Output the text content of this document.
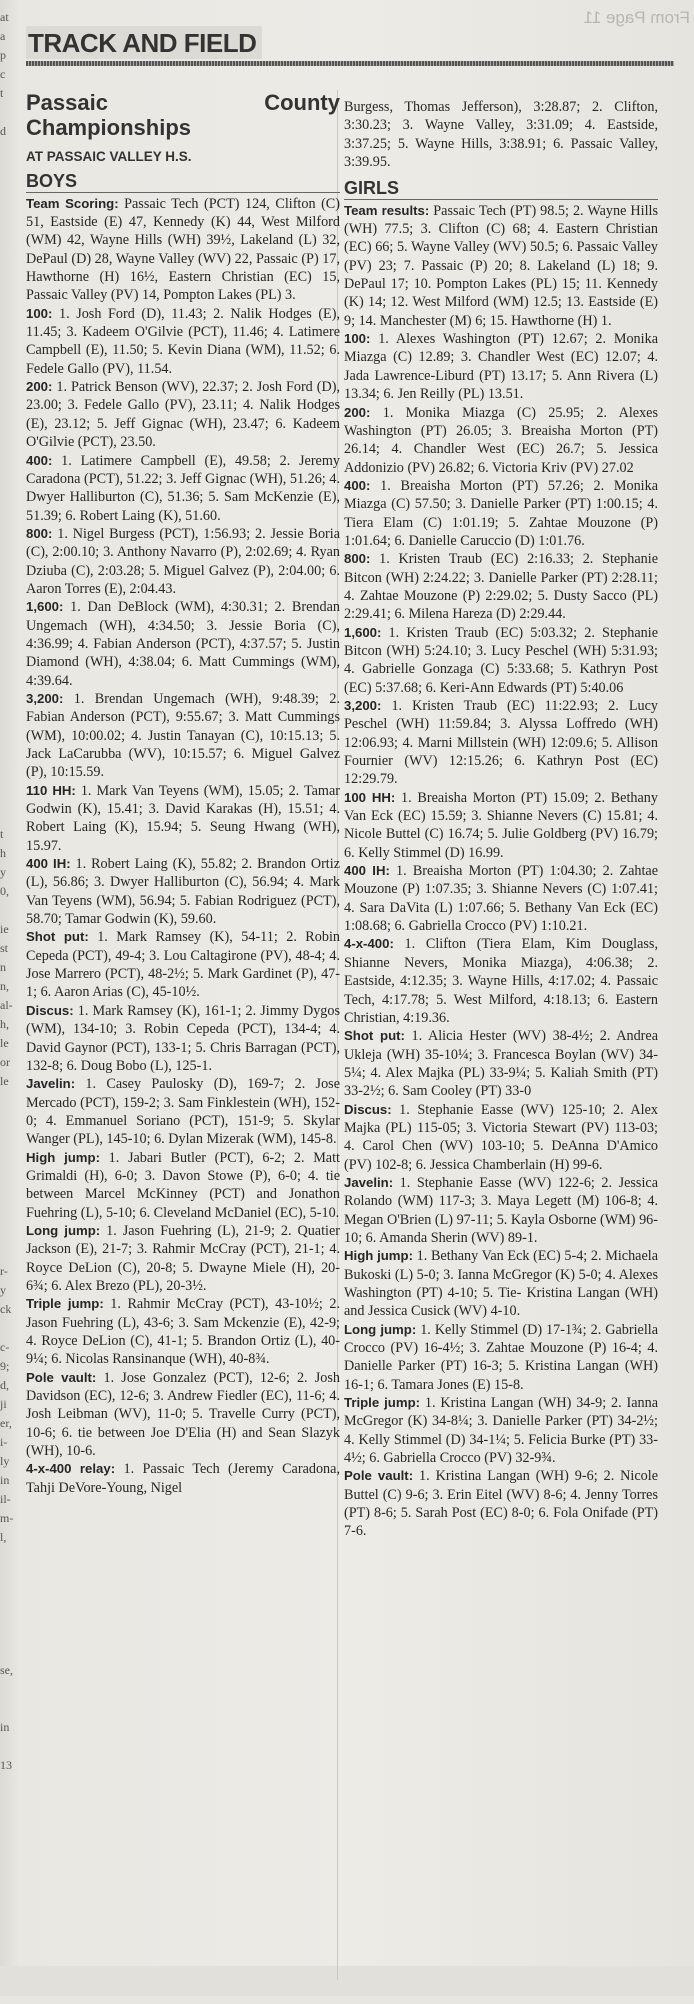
at
a
p
c
t

d

t
h
y
0,

ie
st
n
n,
al-
h,
le
or
le

r-
y
ck

c-
9;
d,
ji
er,
i-
ly
in
il-
m-
l,

se,

in

13
From Page 11
TRACK AND FIELD
Passaic County Championships
AT PASSAIC VALLEY H.S.
BOYS

Team Scoring: Passaic Tech (PCT) 124, Clifton (C) 51, Eastside (E) 47, Kennedy (K) 44, West Milford (WM) 42, Wayne Hills (WH) 39½, Lakeland (L) 32, DePaul (D) 28, Wayne Valley (WV) 22, Passaic (P) 17, Hawthorne (H) 16½, Eastern Christian (EC) 15, Passaic Valley (PV) 14, Pompton Lakes (PL) 3.

100: 1. Josh Ford (D), 11.43; 2. Nalik Hodges (E), 11.45; 3. Kadeem O'Gilvie (PCT), 11.46; 4. Latimere Campbell (E), 11.50; 5. Kevin Diana (WM), 11.52; 6. Fedele Gallo (PV), 11.54.

200: 1. Patrick Benson (WV), 22.37; 2. Josh Ford (D), 23.00; 3. Fedele Gallo (PV), 23.11; 4. Nalik Hodges (E), 23.12; 5. Jeff Gignac (WH), 23.47; 6. Kadeem O'Gilvie (PCT), 23.50.

400: 1. Latimere Campbell (E), 49.58; 2. Jeremy Caradona (PCT), 51.22; 3. Jeff Gignac (WH), 51.26; 4. Dwyer Halliburton (C), 51.36; 5. Sam McKenzie (E), 51.39; 6. Robert Laing (K), 51.60.

800: 1. Nigel Burgess (PCT), 1:56.93; 2. Jessie Boria (C), 2:00.10; 3. Anthony Navarro (P), 2:02.69; 4. Ryan Dziuba (C), 2:03.28; 5. Miguel Galvez (P), 2:04.00; 6. Aaron Torres (E), 2:04.43.

1,600: 1. Dan DeBlock (WM), 4:30.31; 2. Brendan Ungemach (WH), 4:34.50; 3. Jessie Boria (C), 4:36.99; 4. Fabian Anderson (PCT), 4:37.57; 5. Justin Diamond (WH), 4:38.04; 6. Matt Cummings (WM), 4:39.64.

3,200: 1. Brendan Ungemach (WH), 9:48.39; 2. Fabian Anderson (PCT), 9:55.67; 3. Matt Cummings (WM), 10:00.02; 4. Justin Tanayan (C), 10:15.13; 5. Jack LaCarubba (WV), 10:15.57; 6. Miguel Galvez (P), 10:15.59.

110 HH: 1. Mark Van Teyens (WM), 15.05; 2. Tamar Godwin (K), 15.41; 3. David Karakas (H), 15.51; 4. Robert Laing (K), 15.94; 5. Seung Hwang (WH), 15.97.

400 IH: 1. Robert Laing (K), 55.82; 2. Brandon Ortiz (L), 56.86; 3. Dwyer Halliburton (C), 56.94; 4. Mark Van Teyens (WM), 56.94; 5. Fabian Rodriguez (PCT), 58.70; Tamar Godwin (K), 59.60.

Shot put: 1. Mark Ramsey (K), 54-11; 2. Robin Cepeda (PCT), 49-4; 3. Lou Caltagirone (PV), 48-4; 4. Jose Marrero (PCT), 48-2½; 5. Mark Gardinet (P), 47-1; 6. Aaron Arias (C), 45-10½.

Discus: 1. Mark Ramsey (K), 161-1; 2. Jimmy Dygos (WM), 134-10; 3. Robin Cepeda (PCT), 134-4; 4. David Gaynor (PCT), 133-1; 5. Chris Barragan (PCT), 132-8; 6. Doug Bobo (L), 125-1.

Javelin: 1. Casey Paulosky (D), 169-7; 2. Jose Mercado (PCT), 159-2; 3. Sam Finklestein (WH), 152-0; 4. Emmanuel Soriano (PCT), 151-9; 5. Skylar Wanger (PL), 145-10; 6. Dylan Mizerak (WM), 145-8.

High jump: 1. Jabari Butler (PCT), 6-2; 2. Matt Grimaldi (H), 6-0; 3. Davon Stowe (P), 6-0; 4. tie between Marcel McKinney (PCT) and Jonathon Fuehring (L), 5-10; 6. Cleveland McDaniel (EC), 5-10.

Long jump: 1. Jason Fuehring (L), 21-9; 2. Quatier Jackson (E), 21-7; 3. Rahmir McCray (PCT), 21-1; 4. Royce DeLion (C), 20-8; 5. Dwayne Miele (H), 20-6¾; 6. Alex Brezo (PL), 20-3½.

Triple jump: 1. Rahmir McCray (PCT), 43-10½; 2. Jason Fuehring (L), 43-6; 3. Sam Mckenzie (E), 42-9; 4. Royce DeLion (C), 41-1; 5. Brandon Ortiz (L), 40-9¼; 6. Nicolas Ransinanque (WH), 40-8¾.

Pole vault: 1. Jose Gonzalez (PCT), 12-6; 2. Josh Davidson (EC), 12-6; 3. Andrew Fiedler (EC), 11-6; 4. Josh Leibman (WV), 11-0; 5. Travelle Curry (PCT), 10-6; 6. tie between Joe D'Elia (H) and Sean Slazyk (WH), 10-6.

4-x-400 relay: 1. Passaic Tech (Jeremy Caradona, Tahji DeVore-Young, Nigel

Burgess, Thomas Jefferson), 3:28.87; 2. Clifton, 3:30.23; 3. Wayne Valley, 3:31.09; 4. Eastside, 3:37.25; 5. Wayne Hills, 3:38.91; 6. Passaic Valley, 3:39.95.

GIRLS

Team results: Passaic Tech (PT) 98.5; 2. Wayne Hills (WH) 77.5; 3. Clifton (C) 68; 4. Eastern Christian (EC) 66; 5. Wayne Valley (WV) 50.5; 6. Passaic Valley (PV) 23; 7. Passaic (P) 20; 8. Lakeland (L) 18; 9. DePaul 17; 10. Pompton Lakes (PL) 15; 11. Kennedy (K) 14; 12. West Milford (WM) 12.5; 13. Eastside (E) 9; 14. Manchester (M) 6; 15. Hawthorne (H) 1.

100: 1. Alexes Washington (PT) 12.67; 2. Monika Miazga (C) 12.89; 3. Chandler West (EC) 12.07; 4. Jada Lawrence-Liburd (PT) 13.17; 5. Ann Rivera (L) 13.34; 6. Jen Reilly (PL) 13.51.

200: 1. Monika Miazga (C) 25.95; 2. Alexes Washington (PT) 26.05; 3. Breaisha Morton (PT) 26.14; 4. Chandler West (EC) 26.7; 5. Jessica Addonizio (PV) 26.82; 6. Victoria Kriv (PV) 27.02

400: 1. Breaisha Morton (PT) 57.26; 2. Monika Miazga (C) 57.50; 3. Danielle Parker (PT) 1:00.15; 4. Tiera Elam (C) 1:01.19; 5. Zahtae Mouzone (P) 1:01.64; 6. Danielle Caruccio (D) 1:01.76.

800: 1. Kristen Traub (EC) 2:16.33; 2. Stephanie Bitcon (WH) 2:24.22; 3. Danielle Parker (PT) 2:28.11; 4. Zahtae Mouzone (P) 2:29.02; 5. Dusty Sacco (PL) 2:29.41; 6. Milena Hareza (D) 2:29.44.

1,600: 1. Kristen Traub (EC) 5:03.32; 2. Stephanie Bitcon (WH) 5:24.10; 3. Lucy Peschel (WH) 5:31.93; 4. Gabrielle Gonzaga (C) 5:33.68; 5. Kathryn Post (EC) 5:37.68; 6. Keri-Ann Edwards (PT) 5:40.06

3,200: 1. Kristen Traub (EC) 11:22.93; 2. Lucy Peschel (WH) 11:59.84; 3. Alyssa Loffredo (WH) 12:06.93; 4. Marni Millstein (WH) 12:09.6; 5. Allison Fournier (WV) 12:15.26; 6. Kathryn Post (EC) 12:29.79.

100 HH: 1. Breaisha Morton (PT) 15.09; 2. Bethany Van Eck (EC) 15.59; 3. Shianne Nevers (C) 15.81; 4. Nicole Buttel (C) 16.74; 5. Julie Goldberg (PV) 16.79; 6. Kelly Stimmel (D) 16.99.

400 IH: 1. Breaisha Morton (PT) 1:04.30; 2. Zahtae Mouzone (P) 1:07.35; 3. Shianne Nevers (C) 1:07.41; 4. Sara DaVita (L) 1:07.66; 5. Bethany Van Eck (EC) 1:08.68; 6. Gabriella Crocco (PV) 1:10.21.

4-x-400: 1. Clifton (Tiera Elam, Kim Douglass, Shianne Nevers, Monika Miazga), 4:06.38; 2. Eastside, 4:12.35; 3. Wayne Hills, 4:17.02; 4. Passaic Tech, 4:17.78; 5. West Milford, 4:18.13; 6. Eastern Christian, 4:19.36.

Shot put: 1. Alicia Hester (WV) 38-4½; 2. Andrea Ukleja (WH) 35-10¼; 3. Francesca Boylan (WV) 34-5¼; 4. Alex Majka (PL) 33-9¼; 5. Kaliah Smith (PT) 33-2½; 6. Sam Cooley (PT) 33-0

Discus: 1. Stephanie Easse (WV) 125-10; 2. Alex Majka (PL) 115-05; 3. Victoria Stewart (PV) 113-03; 4. Carol Chen (WV) 103-10; 5. DeAnna D'Amico (PV) 102-8; 6. Jessica Chamberlain (H) 99-6.

Javelin: 1. Stephanie Easse (WV) 122-6; 2. Jessica Rolando (WM) 117-3; 3. Maya Legett (M) 106-8; 4. Megan O'Brien (L) 97-11; 5. Kayla Osborne (WM) 96-10; 6. Amanda Sherin (WV) 89-1.

High jump: 1. Bethany Van Eck (EC) 5-4; 2. Michaela Bukoski (L) 5-0; 3. Ianna McGregor (K) 5-0; 4. Alexes Washington (PT) 4-10; 5. Tie- Kristina Langan (WH) and Jessica Cusick (WV) 4-10.

Long jump: 1. Kelly Stimmel (D) 17-1¾; 2. Gabriella Crocco (PV) 16-4½; 3. Zahtae Mouzone (P) 16-4; 4. Danielle Parker (PT) 16-3; 5. Kristina Langan (WH) 16-1; 6. Tamara Jones (E) 15-8.

Triple jump: 1. Kristina Langan (WH) 34-9; 2. Ianna McGregor (K) 34-8¼; 3. Danielle Parker (PT) 34-2½; 4. Kelly Stimmel (D) 34-1¼; 5. Felicia Burke (PT) 33-4½; 6. Gabriella Crocco (PV) 32-9¾.

Pole vault: 1. Kristina Langan (WH) 9-6; 2. Nicole Buttel (C) 9-6; 3. Erin Eitel (WV) 8-6; 4. Jenny Torres (PT) 8-6; 5. Sarah Post (EC) 8-0; 6. Fola Onifade (PT) 7-6.
